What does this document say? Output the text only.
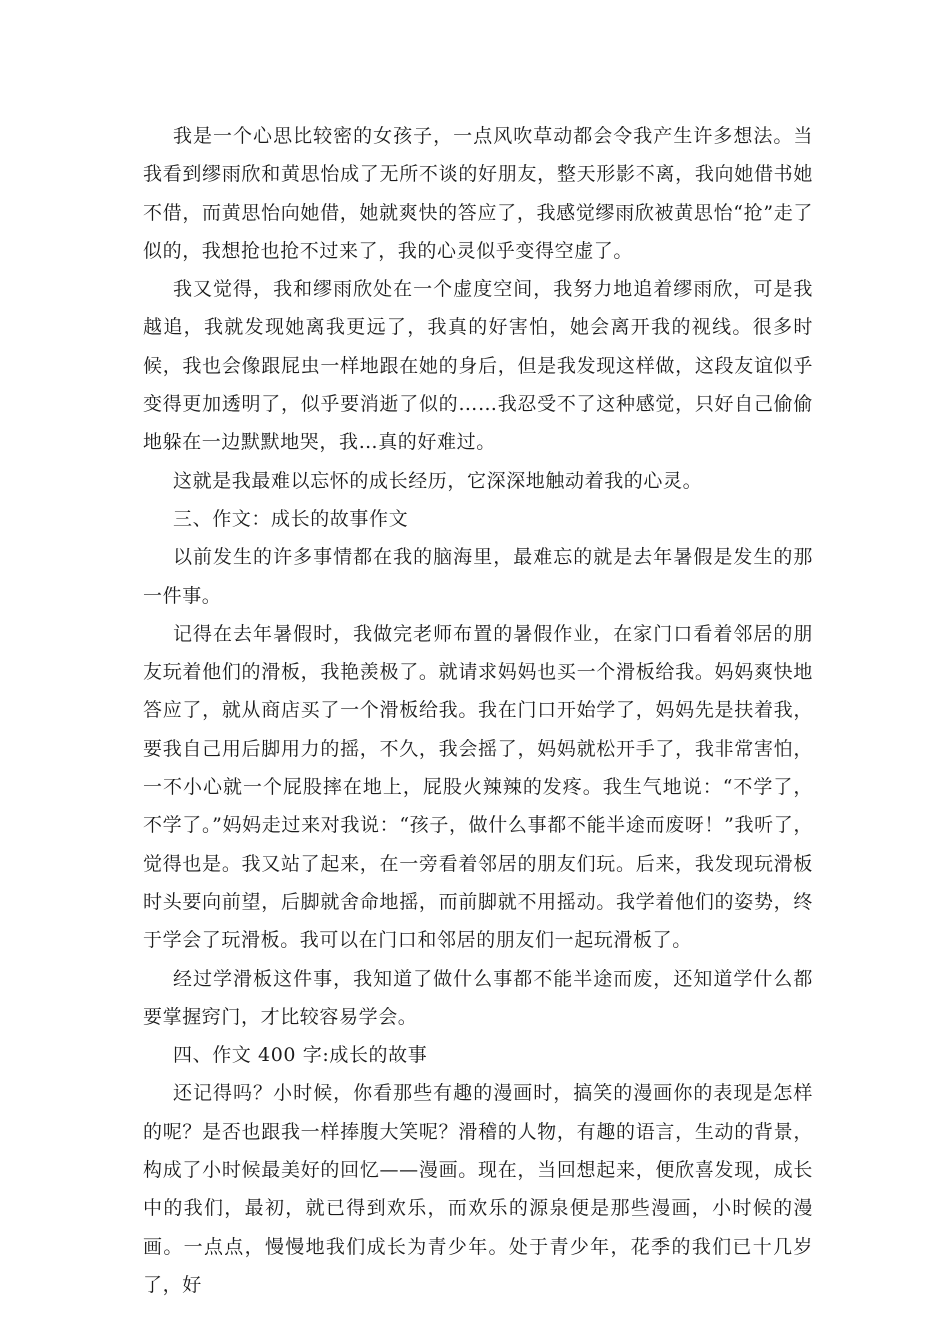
我是一个心思比较密的女孩子，一点风吹草动都会令我产生许多想法。当我看到缪雨欣和黄思怡成了无所不谈的好朋友，整天形影不离，我向她借书她不借，而黄思怡向她借，她就爽快的答应了，我感觉缪雨欣被黄思怡“抢”走了似的，我想抢也抢不过来了，我的心灵似乎变得空虚了。

我又觉得，我和缪雨欣处在一个虚度空间，我努力地追着缪雨欣，可是我越追，我就发现她离我更远了，我真的好害怕，她会离开我的视线。很多时候，我也会像跟屁虫一样地跟在她的身后，但是我发现这样做，这段友谊似乎变得更加透明了，似乎要消逝了似的……我忍受不了这种感觉，只好自己偷偷地躲在一边默默地哭，我…真的好难过。

这就是我最难以忘怀的成长经历，它深深地触动着我的心灵。

三、作文：成长的故事作文

以前发生的许多事情都在我的脑海里，最难忘的就是去年暑假是发生的那一件事。

记得在去年暑假时，我做完老师布置的暑假作业，在家门口看着邻居的朋友玩着他们的滑板，我艳羡极了。就请求妈妈也买一个滑板给我。妈妈爽快地答应了，就从商店买了一个滑板给我。我在门口开始学了，妈妈先是扶着我，要我自己用后脚用力的摇，不久，我会摇了，妈妈就松开手了，我非常害怕，一不小心就一个屁股摔在地上，屁股火辣辣的发疼。我生气地说：“不学了，不学了。”妈妈走过来对我说：“孩子，做什么事都不能半途而废呀！”我听了，觉得也是。我又站了起来，在一旁看着邻居的朋友们玩。后来，我发现玩滑板时头要向前望，后脚就舍命地摇，而前脚就不用摇动。我学着他们的姿势，终于学会了玩滑板。我可以在门口和邻居的朋友们一起玩滑板了。

经过学滑板这件事，我知道了做什么事都不能半途而废，还知道学什么都要掌握窍门，才比较容易学会。

四、作文 400 字:成长的故事

还记得吗？小时候，你看那些有趣的漫画时，搞笑的漫画你的表现是怎样的呢？是否也跟我一样捧腹大笑呢？滑稽的人物，有趣的语言，生动的背景，构成了小时候最美好的回忆——漫画。现在，当回想起来，便欣喜发现，成长中的我们，最初，就已得到欢乐，而欢乐的源泉便是那些漫画，小时候的漫画。一点点，慢慢地我们成长为青少年。处于青少年，花季的我们已十几岁了，好
